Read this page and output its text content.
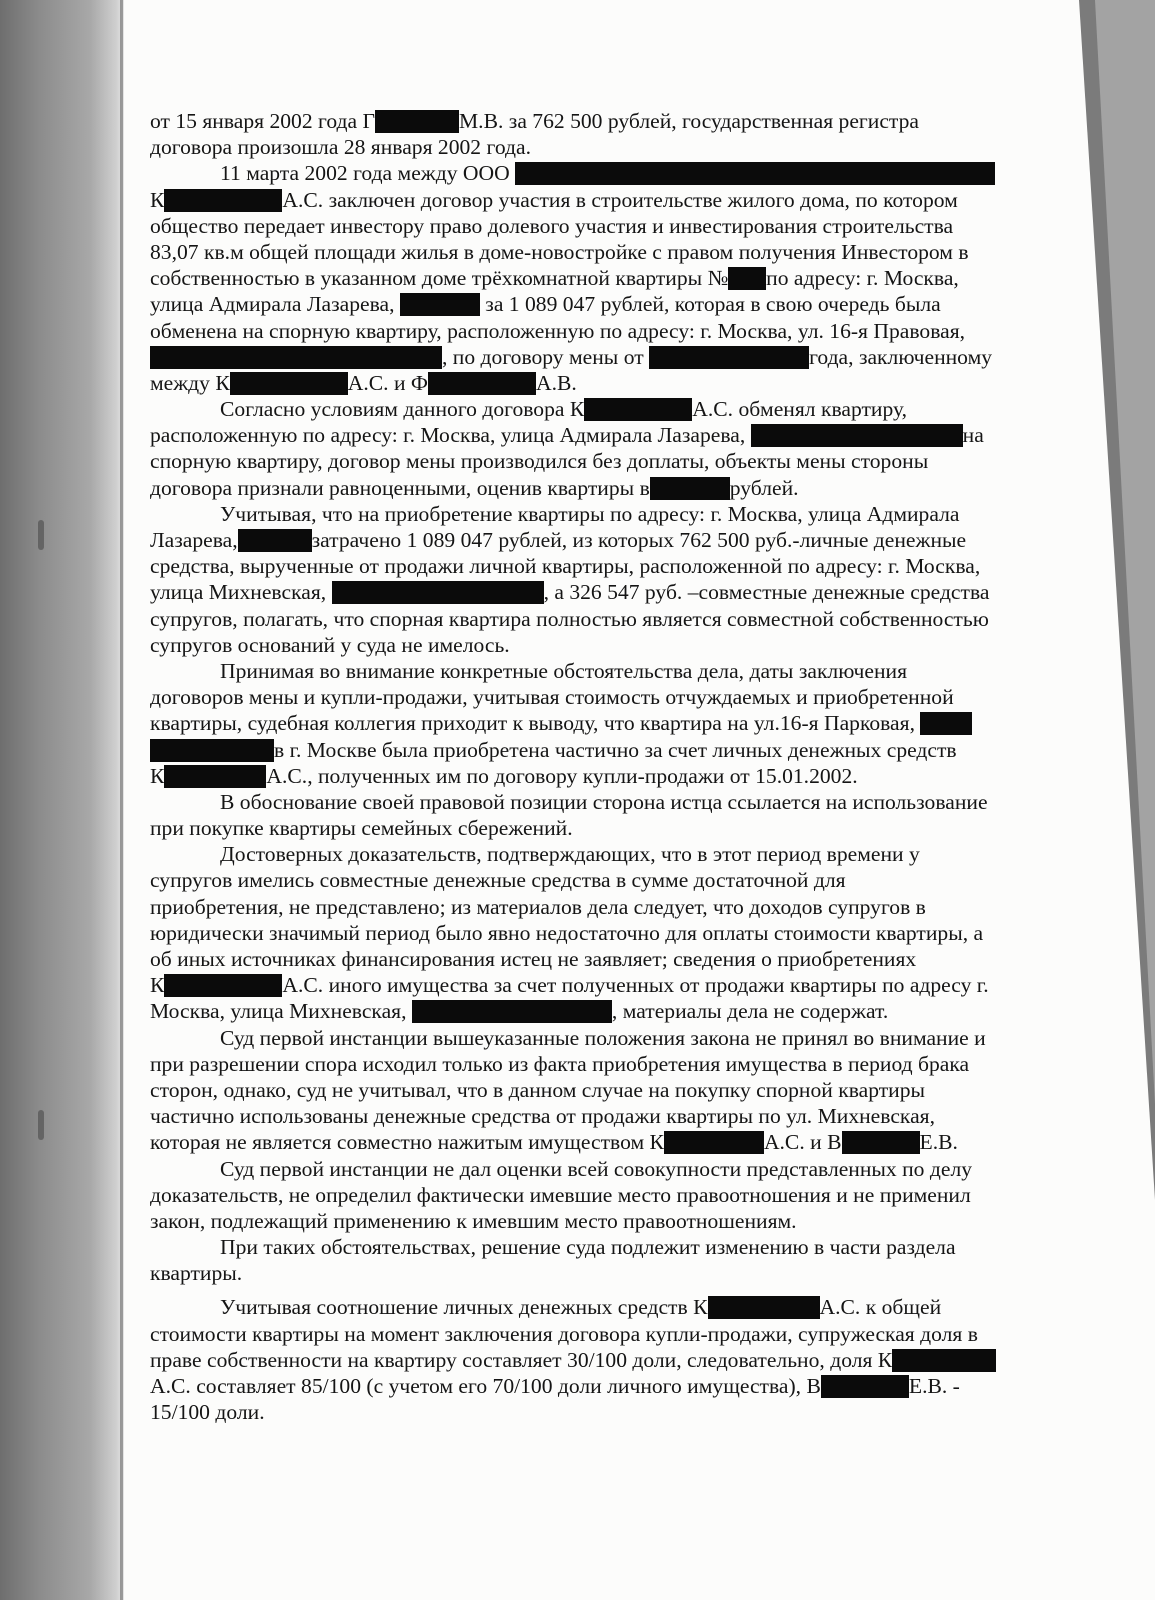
от 15 января 2002 года Г	М.В. за 762 500 рублей, государственная регистра
договора произошла 28 января 2002 года.
11 марта 2002 года между ООО
К	А.С. заключен договор участия в строительстве жилого дома, по котором
общество передает инвестору право долевого участия и инвестирования строительства
83,07 кв.м общей площади жилья в доме-новостройке с правом получения Инвестором в
собственностью в указанном доме трёхкомнатной квартиры № по адресу: г. Москва,
улица Адмирала Лазарева,	за 1 089 047 рублей, которая в свою очередь была
обменена на спорную квартиру, расположенную по адресу: г. Москва, ул. 16-я Правовая,
, по договору мены от	года, заключенному
между К	А.С. и Ф	А.В.
Согласно условиям данного договора К	А.С. обменял квартиру,
расположенную по адресу: г. Москва, улица Адмирала Лазарева,	на
спорную квартиру, договор мены производился без доплаты, объекты мены стороны
договора признали равноценными, оценив квартиры в	рублей.
Учитывая, что на приобретение квартиры по адресу: г. Москва, улица Адмирала
Лазарева,	затрачено 1 089 047 рублей, из которых 762 500 руб.-личные денежные
средства, вырученные от продажи личной квартиры, расположенной по адресу: г. Москва,
улица Михневская,	, а 326 547 руб. –совместные денежные средства
супругов, полагать, что спорная квартира полностью является совместной собственностью
супругов оснований у суда не имелось.
Принимая во внимание конкретные обстоятельства дела, даты заключения
договоров мены и купли-продажи, учитывая стоимость отчуждаемых и приобретенной
квартиры, судебная коллегия приходит к выводу, что квартира на ул.16-я Парковая,
в г. Москве была приобретена частично за счет личных денежных средств
К	А.С., полученных им по договору купли-продажи от 15.01.2002.
В обоснование своей правовой позиции сторона истца ссылается на использование
при покупке квартиры семейных сбережений.
Достоверных доказательств, подтверждающих, что в этот период времени у
супругов имелись совместные денежные средства в сумме достаточной для
приобретения, не представлено; из материалов дела следует, что доходов супругов в
юридически значимый период было явно недостаточно для оплаты стоимости квартиры, а
об иных источниках финансирования истец не заявляет; сведения о приобретениях
К	А.С. иного имущества за счет полученных от продажи квартиры по адресу г.
Москва, улица Михневская,	, материалы дела не содержат.
Суд первой инстанции вышеуказанные положения закона не принял во внимание и
при разрешении спора исходил только из факта приобретения имущества в период брака
сторон, однако, суд не учитывал, что в данном случае на покупку спорной квартиры
частично использованы денежные средства от продажи квартиры по ул. Михневская,
которая не является совместно нажитым имуществом К	А.С. и В	Е.В.
Суд первой инстанции не дал оценки всей совокупности представленных по делу
доказательств, не определил фактически имевшие место правоотношения и не применил
закон, подлежащий применению к имевшим место правоотношениям.
При таких обстоятельствах, решение суда подлежит изменению в части раздела
квартиры.
Учитывая соотношение личных денежных средств К	А.С. к общей
стоимости квартиры на момент заключения договора купли-продажи, супружеская доля в
праве собственности на квартиру составляет 30/100 доли, следовательно, доля К
А.С. составляет 85/100 (с учетом его 70/100 доли личного имущества), В	Е.В. -
15/100 доли.
